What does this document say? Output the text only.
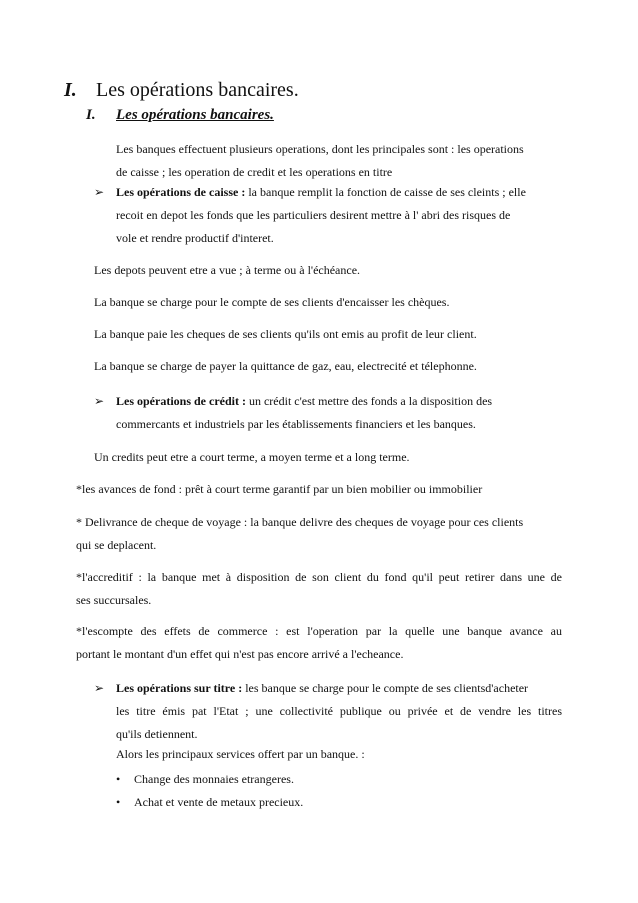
I. Les opérations bancaires.
I. Les opérations bancaires.
Les banques effectuent plusieurs operations, dont les principales sont : les operations
de caisse ; les operation de credit et les operations en titre
➢ Les opérations de caisse : la banque remplit la fonction de caisse de ses cleints ; elle
recoit en depot les fonds que les particuliers desirent mettre à l' abri des risques de
vole et rendre productif d'interet.
Les depots peuvent etre a vue ; à terme ou à l'échéance.
La banque se charge pour le compte de ses clients d'encaisser les chèques.
La banque paie les cheques de ses clients qu'ils ont emis au profit de leur client.
La banque se charge de payer la quittance de gaz, eau, electrecité et télephonne.
➢ Les opérations de crédit : un crédit c'est mettre des fonds a la disposition des
commercants et industriels par les établissements financiers et les banques.
Un credits peut etre a court terme, a moyen terme et a long terme.
*les avances de fond : prêt à court terme garantif par un bien mobilier ou immobilier
* Delivrance de cheque de voyage : la banque delivre des cheques de voyage pour ces clients
qui se deplacent.
*l'accreditif : la banque met à disposition de son client du fond qu'il peut retirer dans une de
ses succursales.
*l'escompte des effets de commerce : est l'operation par la quelle une banque avance au
portant le montant d'un effet qui n'est pas encore arrivé a l'echeance.
➢ Les opérations sur titre : les banque se charge pour le compte de ses clientsd'acheter
les titre émis pat l'Etat ; une collectivité publique ou privée et de vendre les titres
qu'ils detiennent.
Alors les principaux services offert par un banque. :
• Change des monnaies etrangeres.
• Achat et vente de metaux precieux.
